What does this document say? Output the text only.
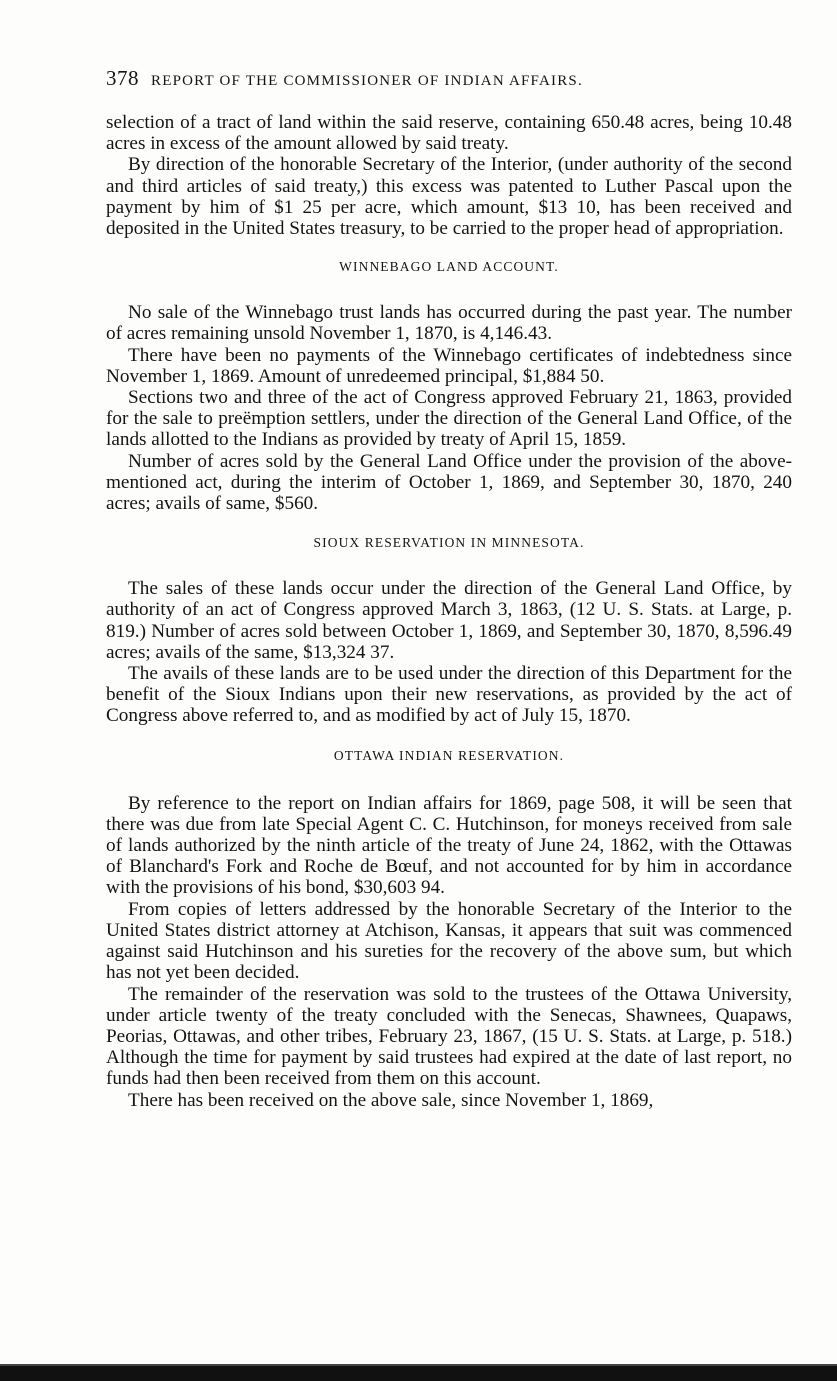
378 REPORT OF THE COMMISSIONER OF INDIAN AFFAIRS.

selection of a tract of land within the said reserve, containing 650.48 acres, being 10.48 acres in excess of the amount allowed by said treaty.

By direction of the honorable Secretary of the Interior, (under authority of the second and third articles of said treaty,) this excess was patented to Luther Pascal upon the payment by him of $1 25 per acre, which amount, $13 10, has been received and deposited in the United States treasury, to be carried to the proper head of appropriation.

WINNEBAGO LAND ACCOUNT.

No sale of the Winnebago trust lands has occurred during the past year. The number of acres remaining unsold November 1, 1870, is 4,146.43.

There have been no payments of the Winnebago certificates of indebtedness since November 1, 1869. Amount of unredeemed principal, $1,884 50.

Sections two and three of the act of Congress approved February 21, 1863, provided for the sale to preëmption settlers, under the direction of the General Land Office, of the lands allotted to the Indians as provided by treaty of April 15, 1859.

Number of acres sold by the General Land Office under the provision of the above-mentioned act, during the interim of October 1, 1869, and September 30, 1870, 240 acres; avails of same, $560.

SIOUX RESERVATION IN MINNESOTA.

The sales of these lands occur under the direction of the General Land Office, by authority of an act of Congress approved March 3, 1863, (12 U. S. Stats. at Large, p. 819.) Number of acres sold between October 1, 1869, and September 30, 1870, 8,596.49 acres; avails of the same, $13,324 37.

The avails of these lands are to be used under the direction of this Department for the benefit of the Sioux Indians upon their new reservations, as provided by the act of Congress above referred to, and as modified by act of July 15, 1870.

OTTAWA INDIAN RESERVATION.

By reference to the report on Indian affairs for 1869, page 508, it will be seen that there was due from late Special Agent C. C. Hutchinson, for moneys received from sale of lands authorized by the ninth article of the treaty of June 24, 1862, with the Ottawas of Blanchard's Fork and Roche de Bœuf, and not accounted for by him in accordance with the provisions of his bond, $30,603 94.

From copies of letters addressed by the honorable Secretary of the Interior to the United States district attorney at Atchison, Kansas, it appears that suit was commenced against said Hutchinson and his sureties for the recovery of the above sum, but which has not yet been decided.

The remainder of the reservation was sold to the trustees of the Ottawa University, under article twenty of the treaty concluded with the Senecas, Shawnees, Quapaws, Peorias, Ottawas, and other tribes, February 23, 1867, (15 U. S. Stats. at Large, p. 518.) Although the time for payment by said trustees had expired at the date of last report, no funds had then been received from them on this account.

There has been received on the above sale, since November 1, 1869,
